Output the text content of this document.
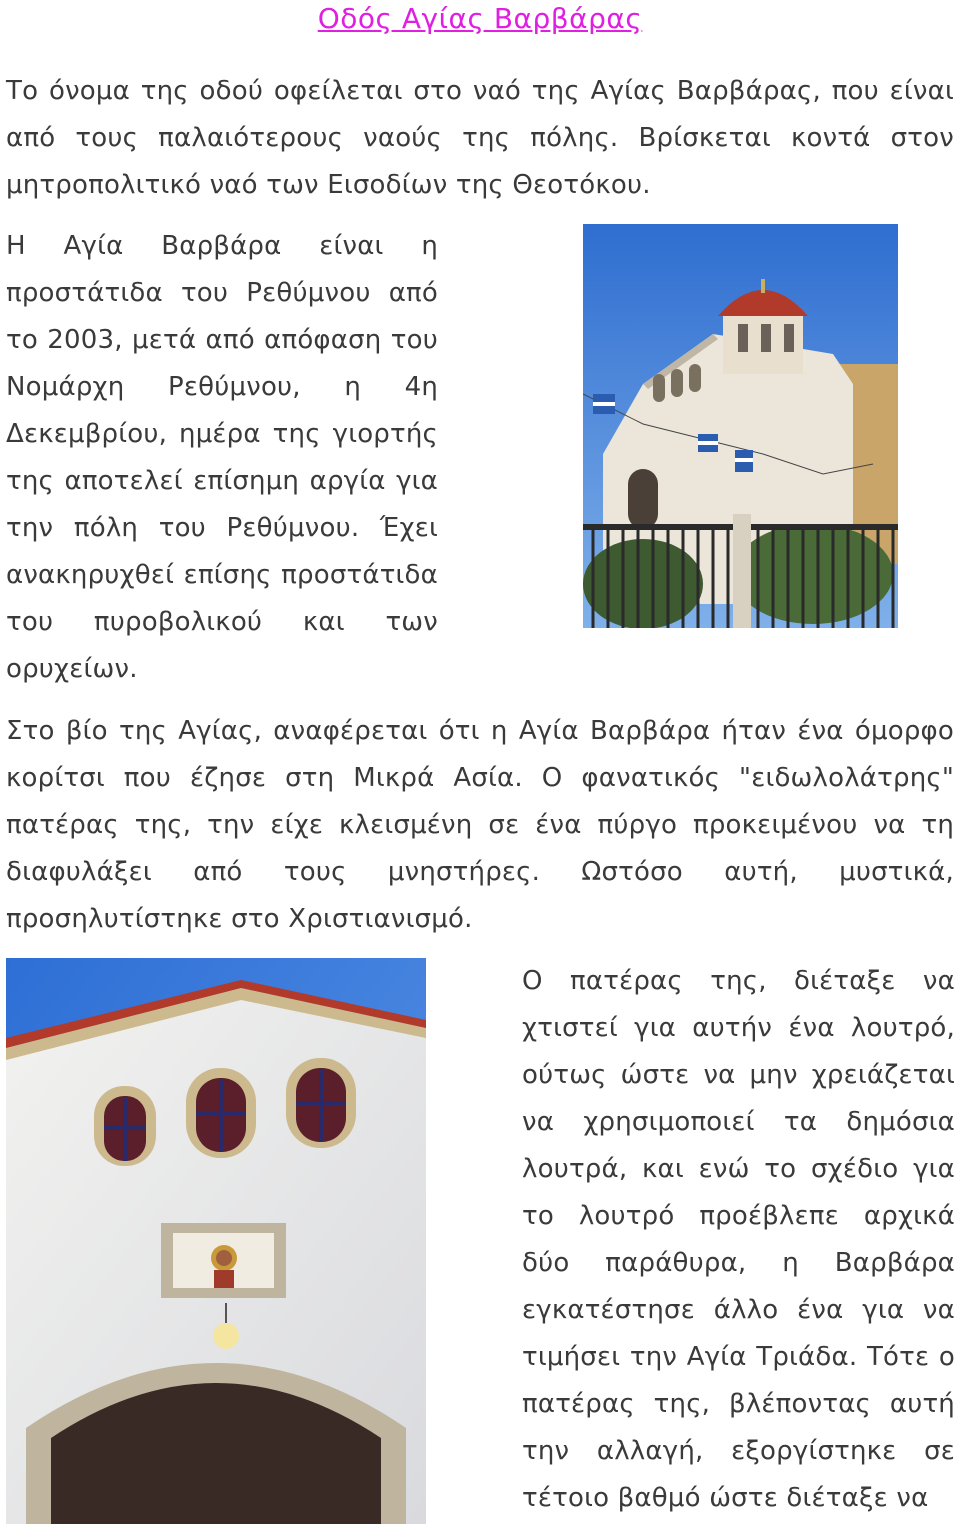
Οδός Αγίας Βαρβάρας

Το όνομα της οδού οφείλεται στο ναό της Αγίας Βαρβάρας, που είναι από τους παλαιότερους ναούς της πόλης. Βρίσκεται κοντά στον μητροπολιτικό ναό των Εισοδίων της Θεοτόκου.

Η Αγία Βαρβάρα είναι η προστάτιδα του Ρεθύμνου από το 2003, μετά από απόφαση του Νομάρχη Ρεθύμνου, η 4η Δεκεμβρίου, ημέρα της γιορτής της αποτελεί επίσημη αργία για την πόλη του Ρεθύμνου. Έχει ανακηρυχθεί επίσης προστάτιδα του πυροβολικού και των ορυχείων.

Στο βίο της Αγίας, αναφέρεται ότι η Αγία Βαρβάρα ήταν ένα όμορφο κορίτσι που έζησε στη Μικρά Ασία. Ο φανατικός "ειδωλολάτρης" πατέρας της, την είχε κλεισμένη σε ένα πύργο προκειμένου να τη διαφυλάξει από τους μνηστήρες. Ωστόσο αυτή, μυστικά, προσηλυτίστηκε στο Χριστιανισμό.

Ο πατέρας της, διέταξε να χτιστεί για αυτήν ένα λουτρό, ούτως ώστε να μην χρειάζεται να χρησιμοποιεί τα δημόσια λουτρά, και ενώ το σχέδιο για το λουτρό προέβλεπε αρχικά δύο παράθυρα, η Βαρβάρα εγκατέστησε άλλο ένα για να τιμήσει την Αγία Τριάδα. Τότε ο πατέρας της, βλέποντας αυτή την αλλαγή, εξοργίστηκε σε τέτοιο βαθμό ώστε διέταξε να
